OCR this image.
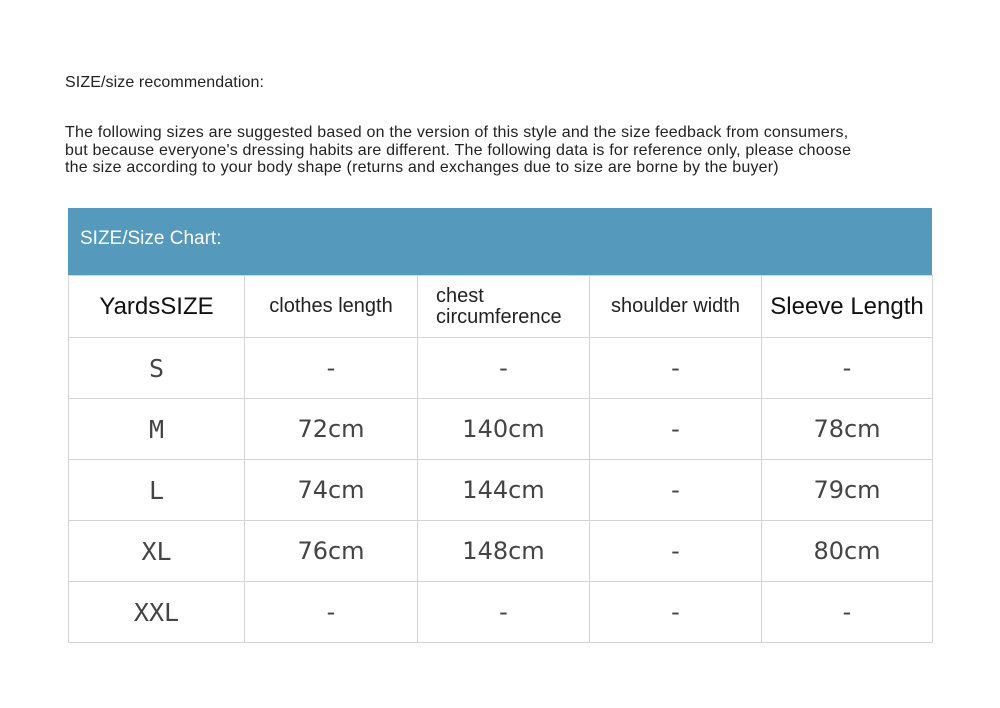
SIZE/size recommendation:
The following sizes are suggested based on the version of this style and the size feedback from consumers,
but because everyone's dressing habits are different. The following data is for reference only, please choose
the size according to your body shape (returns and exchanges due to size are borne by the buyer)
SIZE/Size Chart:
YardsSIZE	clothes length	chest circumference	shoulder width	Sleeve Length
S	-	-	-	-
M	72cm	140cm	-	78cm
L	74cm	144cm	-	79cm
XL	76cm	148cm	-	80cm
XXL	-	-	-	-
